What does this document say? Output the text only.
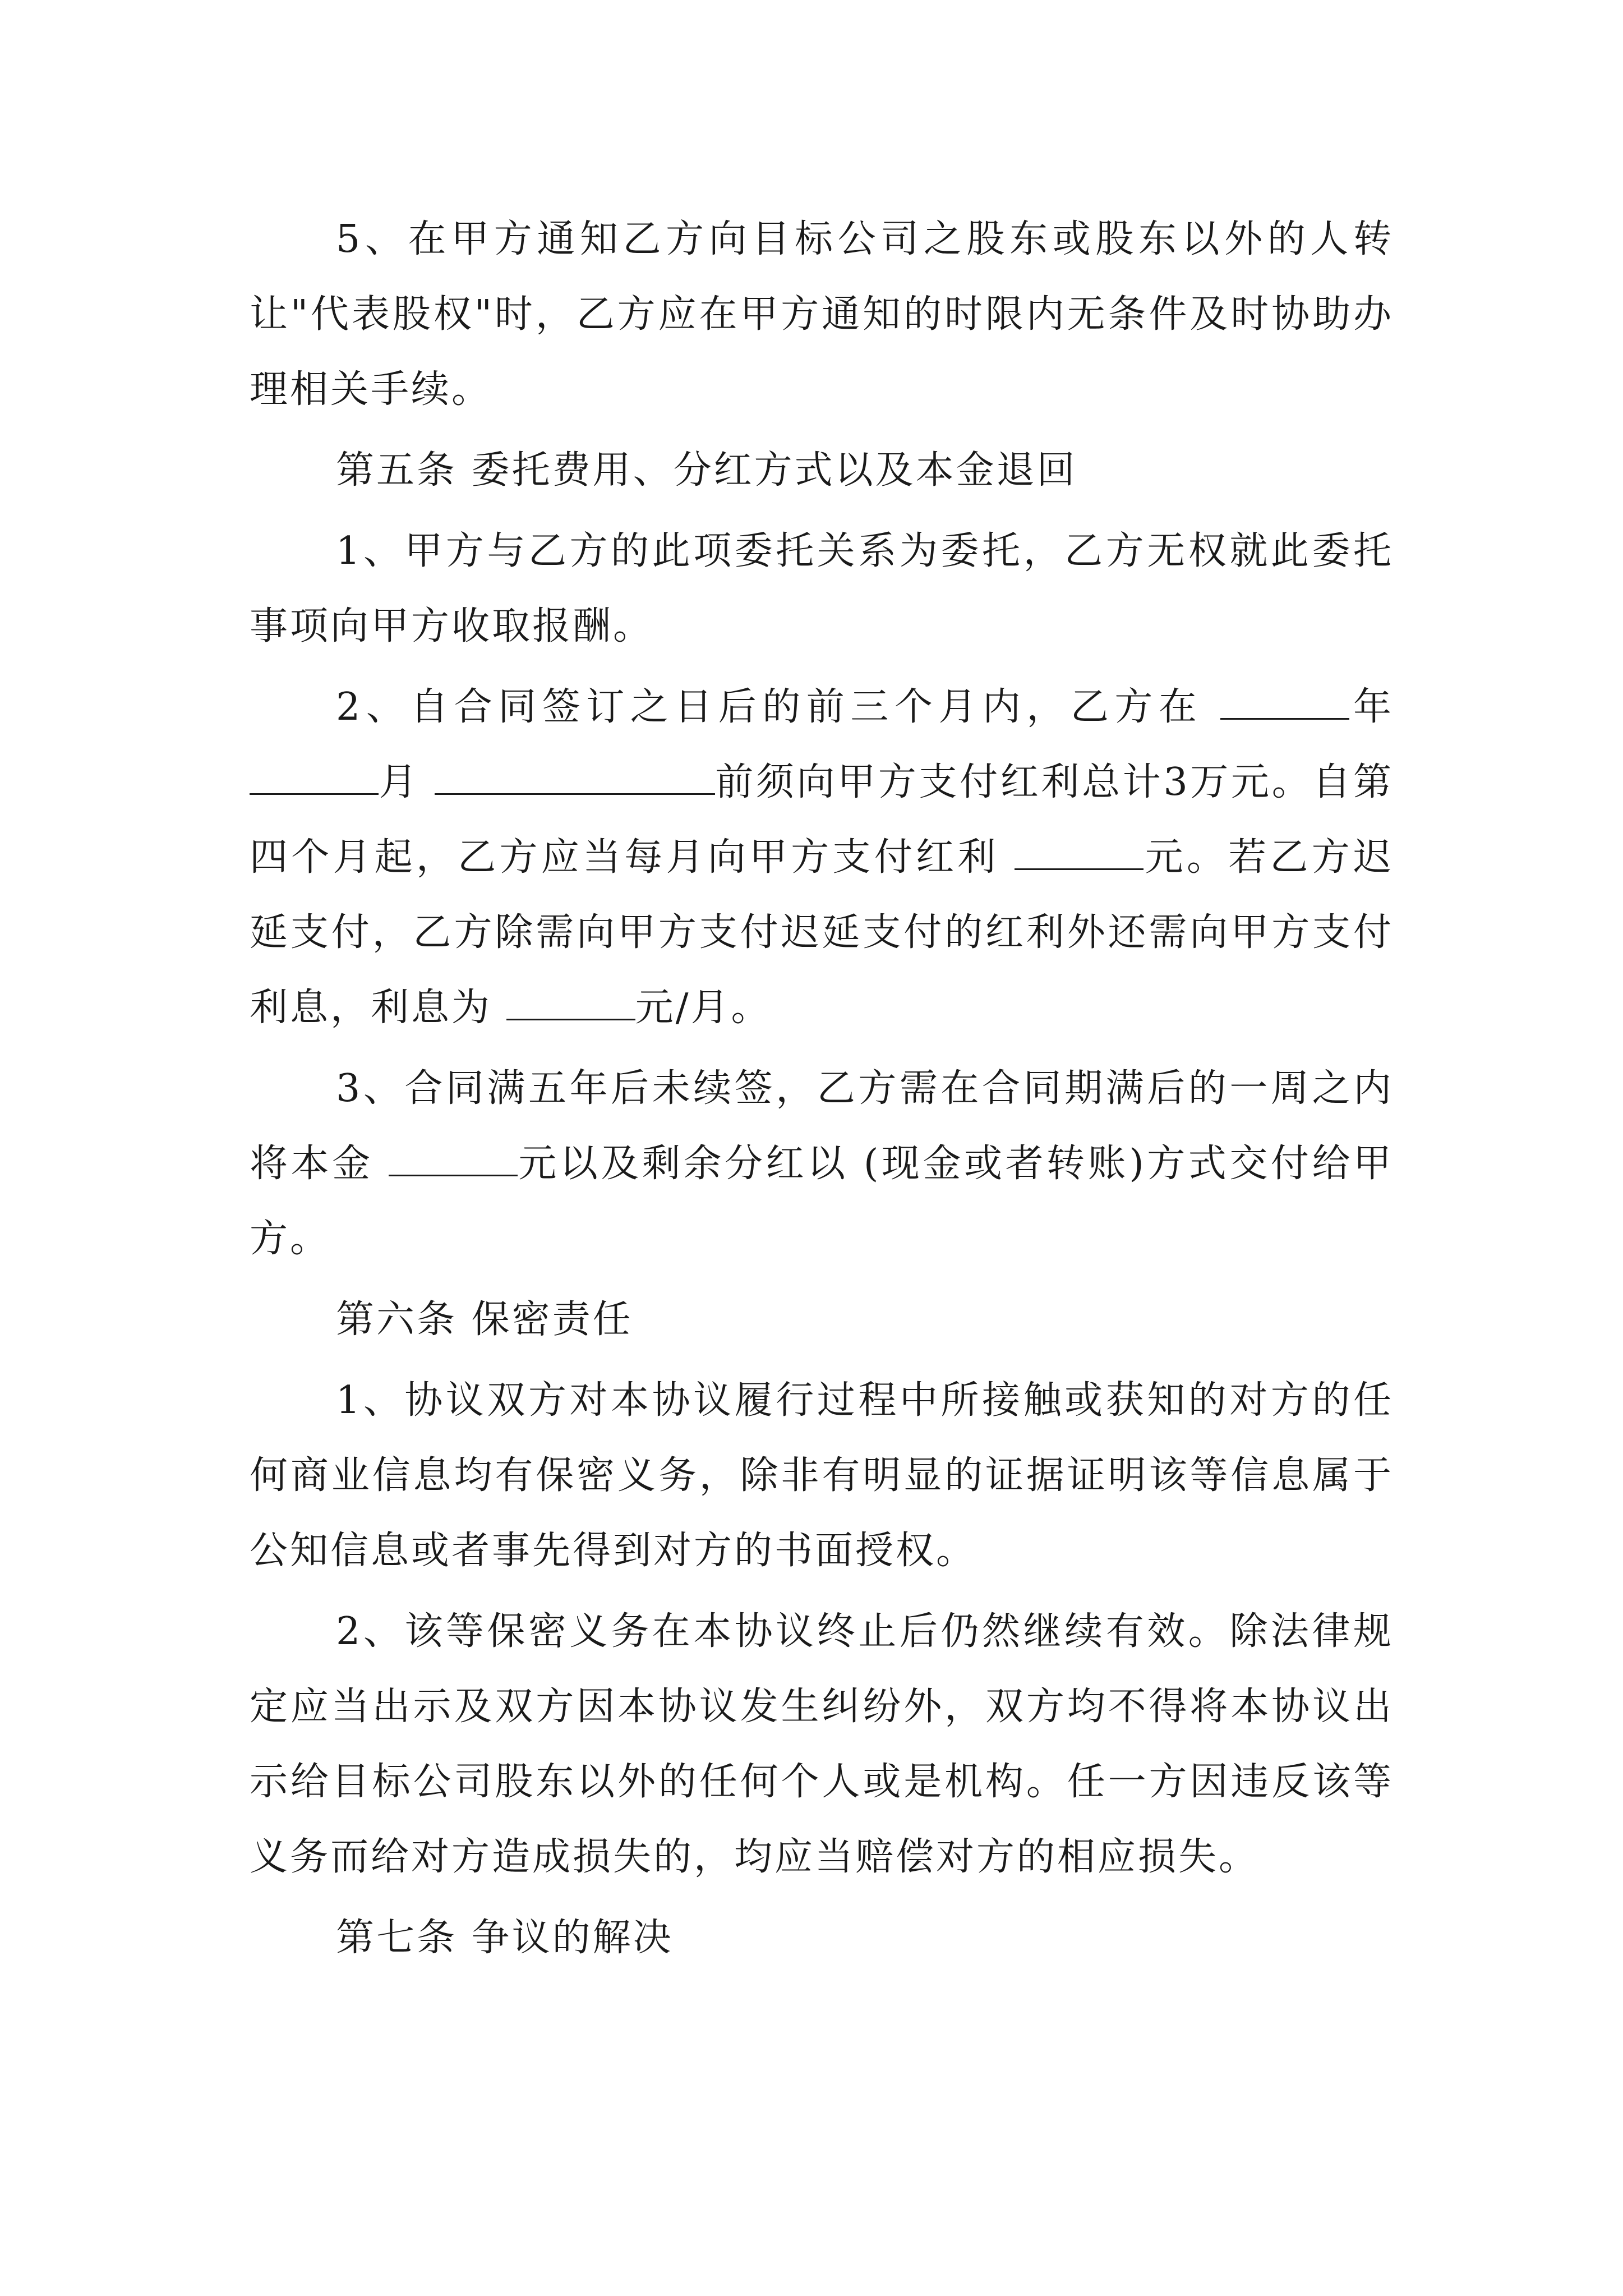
5、在甲方通知乙方向目标公司之股东或股东以外的人转让"代表股权"时，乙方应在甲方通知的时限内无条件及时协助办理相关手续。

第五条 委托费用、分红方式以及本金退回

1、甲方与乙方的此项委托关系为委托，乙方无权就此委托事项向甲方收取报酬。

2、自合同签订之日后的前三个月内，乙方在	年月	前须向甲方支付红利总计3万元。自第四个月起，乙方应当每月向甲方支付红利	元。若乙方迟延支付，乙方除需向甲方支付迟延支付的红利外还需向甲方支付利息，利息为	元/月。

3、合同满五年后未续签，乙方需在合同期满后的一周之内将本金	元以及剩余分红以 (现金或者转账)方式交付给甲方。

第六条 保密责任

1、协议双方对本协议履行过程中所接触或获知的对方的任何商业信息均有保密义务，除非有明显的证据证明该等信息属于公知信息或者事先得到对方的书面授权。

2、该等保密义务在本协议终止后仍然继续有效。除法律规定应当出示及双方因本协议发生纠纷外，双方均不得将本协议出示给目标公司股东以外的任何个人或是机构。任一方因违反该等义务而给对方造成损失的，均应当赔偿对方的相应损失。

第七条 争议的解决
